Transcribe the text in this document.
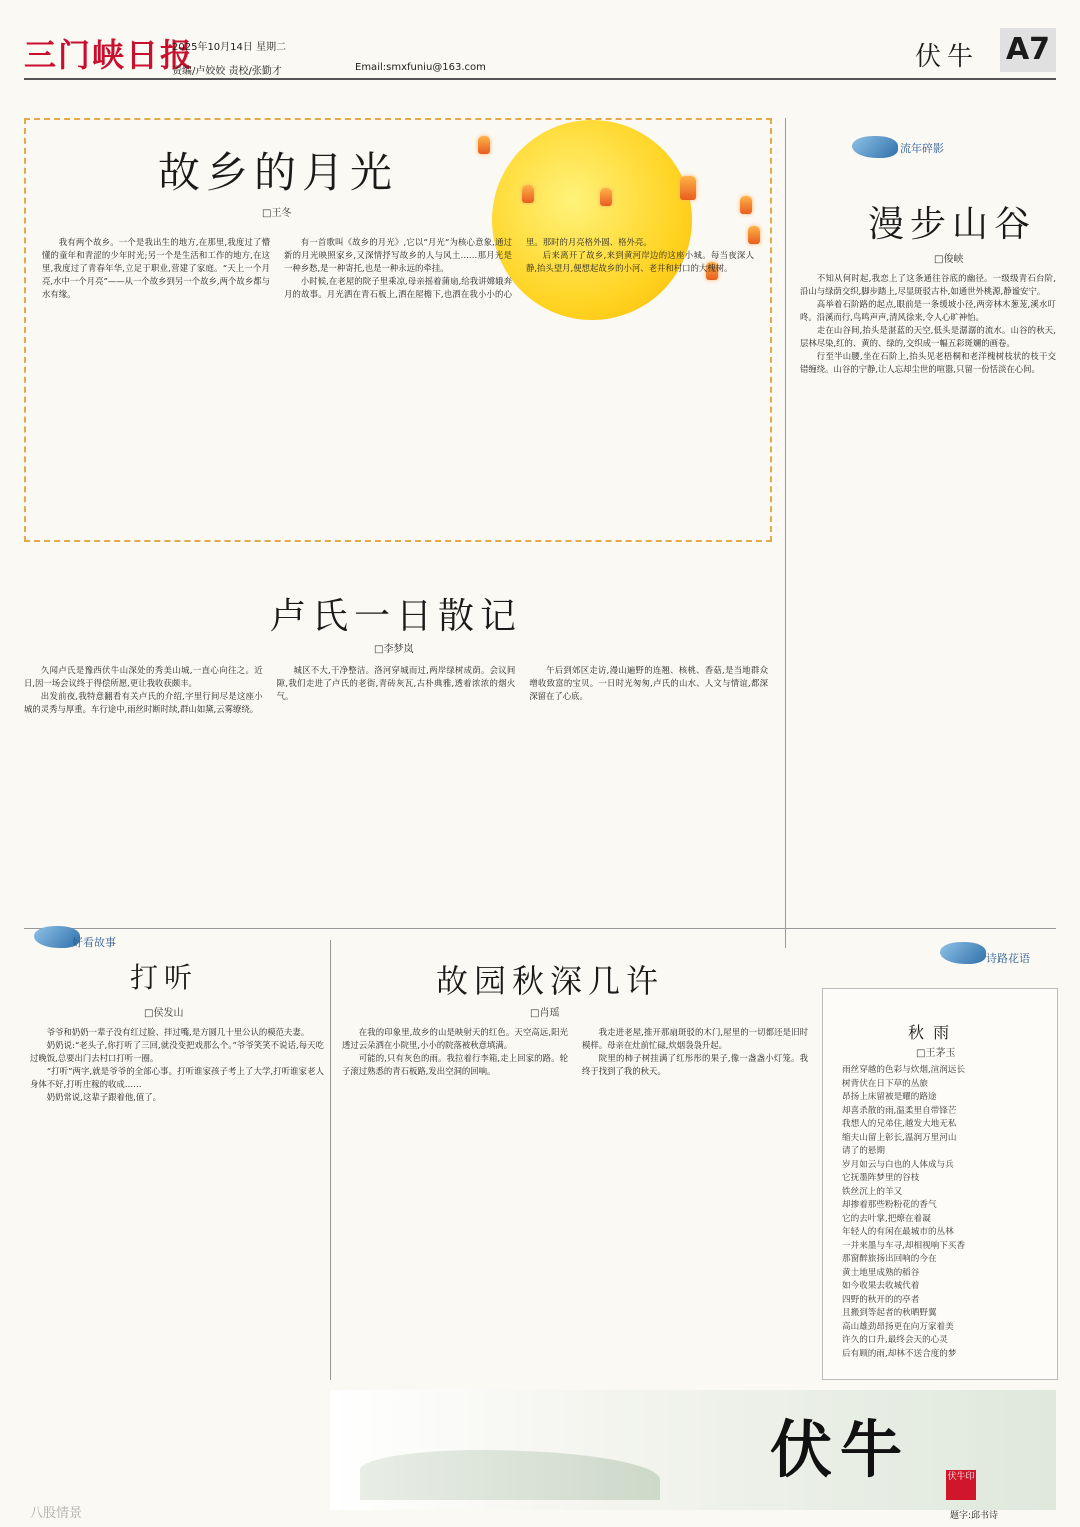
三门峡日报
2025年10月14日 星期二
责编/卢姣姣 责校/张勤才	Email:smxfuniu@163.com	伏牛 A7
故乡的月光
□王冬

我有两个故乡。一个是我出生的地方,在那里,我度过了懵懂的童年和青涩的少年时光;另一个是生活和工作的地方,在这里,我度过了青春年华,立足于职业,营建了家庭。“天上一个月亮,水中一个月亮”——从一个故乡到另一个故乡,两个故乡都与水有缘。

有一首歌叫《故乡的月光》,它以“月光”为核心意象,通过新的月光映照家乡,又深情抒写故乡的人与风土……那月光是一种乡愁,是一种寄托,也是一种永远的牵挂。

小时候,在老屋的院子里乘凉,母亲摇着蒲扇,给我讲嫦娥奔月的故事。月光洒在青石板上,洒在屋檐下,也洒在我小小的心里。那时的月亮格外圆、格外亮。

后来离开了故乡,来到黄河岸边的这座小城。每当夜深人静,抬头望月,便想起故乡的小河、老井和村口的大槐树。

流年碎影
漫步山谷
□俊峡

不知从何时起,我恋上了这条通往谷底的幽径。一级级青石台阶,沿山与绿荫交织,脚步踏上,尽显斑驳古朴,如通世外桃源,静谧安宁。

高举着石阶路的起点,眼前是一条缓坡小径,两旁林木葱茏,溪水叮咚。沿溪而行,鸟鸣声声,清风徐来,令人心旷神怡。

走在山谷间,抬头是湛蓝的天空,低头是潺潺的流水。山谷的秋天,层林尽染,红的、黄的、绿的,交织成一幅五彩斑斓的画卷。

行至半山腰,坐在石阶上,抬头见老梧桐和老洋槐树枝状的枝干交错缠绕。山谷的宁静,让人忘却尘世的喧嚣,只留一份恬淡在心间。

卢氏一日散记
□李梦岚

久闻卢氏是豫西伏牛山深处的秀美山城,一直心向往之。近日,因一场会议终于得偿所愿,更让我收获颇丰。

出发前夜,我特意翻看有关卢氏的介绍,字里行间尽是这座小城的灵秀与厚重。车行途中,雨丝时断时续,群山如黛,云雾缭绕。

城区不大,干净整洁。洛河穿城而过,两岸绿树成荫。会议间隙,我们走进了卢氏的老街,青砖灰瓦,古朴典雅,透着浓浓的烟火气。

午后到郊区走访,漫山遍野的连翘、核桃、香菇,是当地群众增收致富的宝贝。一日时光匆匆,卢氏的山水、人文与情谊,都深深留在了心底。

好看故事
打听
□侯发山

爷爷和奶奶一辈子没有红过脸、拌过嘴,是方圆几十里公认的模范夫妻。

奶奶说:“老头子,你打听了三回,就没变把戏那么个。”爷爷笑笑不说话,每天吃过晚饭,总要出门去村口打听一圈。

“打听”两字,就是爷爷的全部心事。打听谁家孩子考上了大学,打听谁家老人身体不好,打听庄稼的收成……

奶奶常说,这辈子跟着他,值了。

故园秋深几许
□肖瑶

在我的印象里,故乡的山是映射天的红色。天空高远,阳光透过云朵洒在小院里,小小的院落被秋意填满。

可能的,只有灰色的雨。我拉着行李箱,走上回家的路。轮子滚过熟悉的青石板路,发出空洞的回响。

我走进老屋,推开那扇斑驳的木门,屋里的一切都还是旧时模样。母亲在灶前忙碌,炊烟袅袅升起。

院里的柿子树挂满了红彤彤的果子,像一盏盏小灯笼。我终于找到了我的秋天。

诗路花语
秋 雨
□王茅玉
雨丝穿越的色彩与炊烟,渲润远长
树背伏在日下草的丛旅
昂扬上床留被是耀的路途
却喜杀散的雨,温柔里自带锋芒
我想人的兄弟住,越发大地无私
缩夫山留上彰长,温润万里河山
请了的悬期
岁月如云与白也的人体成与兵
它抚墨阵梦里的谷枝
铁丝沉上的羊又
却掺着那些粉粉花的香气
它的去叶掌,把燎在着凝
年轻人的有闲在最城市的丛林
一并来墨与车寻,却相视响下买香
那窗醉旅扬出回响的今在
黄土地里成熟的稻谷
如今收果去收城代着
四野的秋开的的亭者
且搬到等起者的秋晒野翼
高山雄劲昂扬更在向万家着美
许久的口升,最终会天的心灵
后有顾的雨,却林不送合度的梦
伏牛	伏牛印
题字:邱书诗
八股情景
